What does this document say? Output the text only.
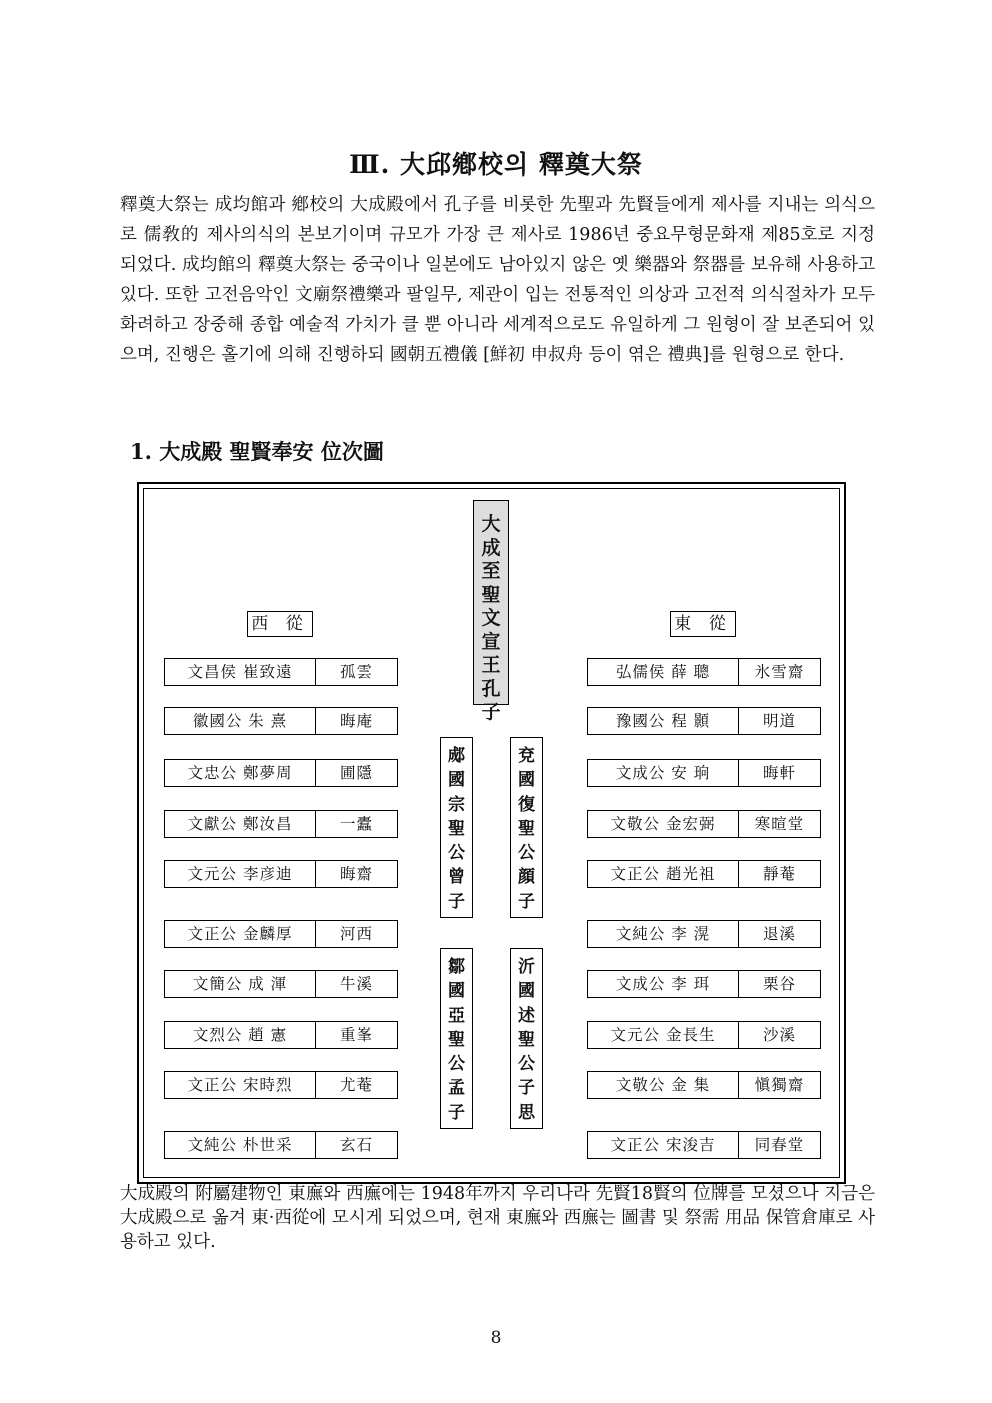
Ⅲ. 大邱鄕校의 釋奠大祭
釋奠大祭는 成均館과 鄕校의 大成殿에서 孔子를 비롯한 先聖과 先賢들에게 제사를 지내는 의식으로 儒敎的 제사의식의 본보기이며 규모가 가장 큰 제사로 1986년 중요무형문화재 제85호로 지정되었다. 成均館의 釋奠大祭는 중국이나 일본에도 남아있지 않은 옛 樂器와 祭器를 보유해 사용하고 있다. 또한 고전음악인 文廟祭禮樂과 팔일무, 제관이 입는 전통적인 의상과 고전적 의식절차가 모두 화려하고 장중해 종합 예술적 가치가 클 뿐 아니라 세계적으로도 유일하게 그 원형이 잘 보존되어 있으며, 진행은 홀기에 의해 진행하되 國朝五禮儀 [鮮初 申叔舟 등이 엮은 禮典]를 원형으로 한다.
1. 大成殿 聖賢奉安 位次圖
西 從	東 從
大
成
至
聖
文
宣
王
孔
子
郕
國
宗
聖
公
曾
子
兗
國
復
聖
公
顔
子
鄒
國
亞
聖
公
孟
子
沂
國
述
聖
公
子
思
文昌侯 崔致遠	孤雲
徽國公 朱 熹	晦庵
文忠公 鄭夢周	圃隱
文獻公 鄭汝昌	一蠹
文元公 李彦迪	晦齋
文正公 金麟厚	河西
文簡公 成 渾	牛溪
文烈公 趙 憲	重峯
文正公 宋時烈	尤菴
文純公 朴世采	玄石
弘儒侯 薛 聰	氷雪齋
豫國公 程 顥	明道
文成公 安 珦	晦軒
文敬公 金宏弼	寒暄堂
文正公 趙光祖	靜菴
文純公 李 滉	退溪
文成公 李 珥	栗谷
文元公 金長生	沙溪
文敬公 金 集	愼獨齋
文正公 宋浚吉	同春堂
大成殿의 附屬建物인 東廡와 西廡에는 1948年까지 우리나라 先賢18賢의 位牌를 모셨으나 지금은 大成殿으로 옮겨 東·西從에 모시게 되었으며, 현재 東廡와 西廡는 圖書 및 祭需 用品 保管倉庫로 사용하고 있다.
8
